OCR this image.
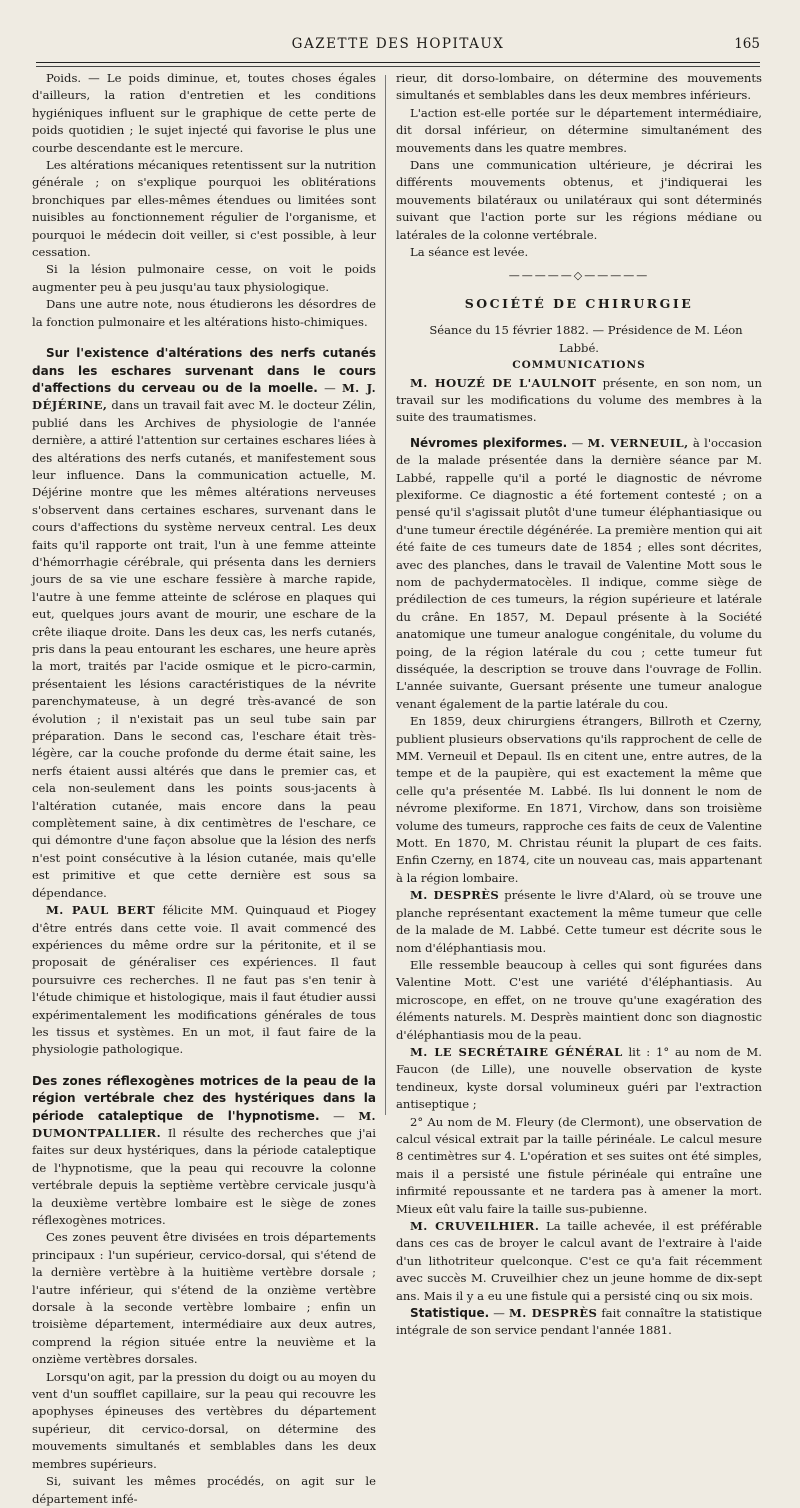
GAZETTE DES HOPITAUX	165

Poids. — Le poids diminue, et, toutes choses égales d'ailleurs, la ration d'entretien et les conditions hygiéniques influent sur le graphique de cette perte de poids quotidien ; le sujet injecté qui favorise le plus une courbe descendante est le mercure.

Les altérations mécaniques retentissent sur la nutrition générale ; on s'explique pourquoi les oblitérations bronchiques par elles-mêmes étendues ou limitées sont nuisibles au fonctionnement régulier de l'organisme, et pourquoi le médecin doit veiller, si c'est possible, à leur cessation.

Si la lésion pulmonaire cesse, on voit le poids augmenter peu à peu jusqu'au taux physiologique.

Dans une autre note, nous étudierons les désordres de la fonction pulmonaire et les altérations histo-chimiques.

Sur l'existence d'altérations des nerfs cutanés dans les eschares survenant dans le cours d'affections du cerveau ou de la moelle. — M. J. DÉJÉRINE, dans un travail fait avec M. le docteur Zélin, publié dans les Archives de physiologie de l'année dernière, a attiré l'attention sur certaines eschares liées à des altérations des nerfs cutanés, et manifestement sous leur influence. Dans la communication actuelle, M. Déjérine montre que les mêmes altérations nerveuses s'observent dans certaines eschares, survenant dans le cours d'affections du système nerveux central. Les deux faits qu'il rapporte ont trait, l'un à une femme atteinte d'hémorrhagie cérébrale, qui présenta dans les derniers jours de sa vie une eschare fessière à marche rapide, l'autre à une femme atteinte de sclérose en plaques qui eut, quelques jours avant de mourir, une eschare de la crête iliaque droite. Dans les deux cas, les nerfs cutanés, pris dans la peau entourant les eschares, une heure après la mort, traités par l'acide osmique et le picro-carmin, présentaient les lésions caractéristiques de la névrite parenchymateuse, à un degré très-avancé de son évolution ; il n'existait pas un seul tube sain par préparation. Dans le second cas, l'eschare était très-légère, car la couche profonde du derme était saine, les nerfs étaient aussi altérés que dans le premier cas, et cela non-seulement dans les points sous-jacents à l'altération cutanée, mais encore dans la peau complètement saine, à dix centimètres de l'eschare, ce qui démontre d'une façon absolue que la lésion des nerfs n'est point consécutive à la lésion cutanée, mais qu'elle est primitive et que cette dernière est sous sa dépendance.

M. PAUL BERT félicite MM. Quinquaud et Piogey d'être entrés dans cette voie. Il avait commencé des expériences du même ordre sur la péritonite, et il se proposait de généraliser ces expériences. Il faut poursuivre ces recherches. Il ne faut pas s'en tenir à l'étude chimique et histologique, mais il faut étudier aussi expérimentalement les modifications générales de tous les tissus et systèmes. En un mot, il faut faire de la physiologie pathologique.

Des zones réflexogènes motrices de la peau de la région vertébrale chez des hystériques dans la période cataleptique de l'hypnotisme. — M. DUMONTPALLIER. Il résulte des recherches que j'ai faites sur deux hystériques, dans la période cataleptique de l'hypnotisme, que la peau qui recouvre la colonne vertébrale depuis la septième vertèbre cervicale jusqu'à la deuxième vertèbre lombaire est le siège de zones réflexogènes motrices.

Ces zones peuvent être divisées en trois départements principaux : l'un supérieur, cervico-dorsal, qui s'étend de la dernière vertèbre à la huitième vertèbre dorsale ; l'autre inférieur, qui s'étend de la onzième vertèbre dorsale à la seconde vertèbre lombaire ; enfin un troisième département, intermédiaire aux deux autres, comprend la région située entre la neuvième et la onzième vertèbres dorsales.

Lorsqu'on agit, par la pression du doigt ou au moyen du vent d'un soufflet capillaire, sur la peau qui recouvre les apophyses épineuses des vertèbres du département supérieur, dit cervico-dorsal, on détermine des mouvements simultanés et semblables dans les deux membres supérieurs.

Si, suivant les mêmes procédés, on agit sur le département infé-

rieur, dit dorso-lombaire, on détermine des mouvements simultanés et semblables dans les deux membres inférieurs.

L'action est-elle portée sur le département intermédiaire, dit dorsal inférieur, on détermine simultanément des mouvements dans les quatre membres.

Dans une communication ultérieure, je décrirai les différents mouvements obtenus, et j'indiquerai les mouvements bilatéraux ou unilatéraux qui sont déterminés suivant que l'action porte sur les régions médiane ou latérales de la colonne vertébrale.

La séance est levée.

—————◇—————
SOCIÉTÉ DE CHIRURGIE

Séance du 15 février 1882. — Présidence de M. Léon Labbé.

COMMUNICATIONS

M. HOUZÉ DE L'AULNOIT présente, en son nom, un travail sur les modifications du volume des membres à la suite des traumatismes.

Névromes plexiformes. — M. VERNEUIL, à l'occasion de la malade présentée dans la dernière séance par M. Labbé, rappelle qu'il a porté le diagnostic de névrome plexiforme. Ce diagnostic a été fortement contesté ; on a pensé qu'il s'agissait plutôt d'une tumeur éléphantiasique ou d'une tumeur érectile dégénérée. La première mention qui ait été faite de ces tumeurs date de 1854 ; elles sont décrites, avec des planches, dans le travail de Valentine Mott sous le nom de pachydermatocèles. Il indique, comme siège de prédilection de ces tumeurs, la région supérieure et latérale du crâne. En 1857, M. Depaul présente à la Société anatomique une tumeur analogue congénitale, du volume du poing, de la région latérale du cou ; cette tumeur fut disséquée, la description se trouve dans l'ouvrage de Follin. L'année suivante, Guersant présente une tumeur analogue venant également de la partie latérale du cou.

En 1859, deux chirurgiens étrangers, Billroth et Czerny, publient plusieurs observations qu'ils rapprochent de celle de MM. Verneuil et Depaul. Ils en citent une, entre autres, de la tempe et de la paupière, qui est exactement la même que celle qu'a présentée M. Labbé. Ils lui donnent le nom de névrome plexiforme. En 1871, Virchow, dans son troisième volume des tumeurs, rapproche ces faits de ceux de Valentine Mott. En 1870, M. Christau réunit la plupart de ces faits. Enfin Czerny, en 1874, cite un nouveau cas, mais appartenant à la région lombaire.

M. DESPRÈS présente le livre d'Alard, où se trouve une planche représentant exactement la même tumeur que celle de la malade de M. Labbé. Cette tumeur est décrite sous le nom d'éléphantiasis mou.

Elle ressemble beaucoup à celles qui sont figurées dans Valentine Mott. C'est une variété d'éléphantiasis. Au microscope, en effet, on ne trouve qu'une exagération des éléments naturels. M. Desprès maintient donc son diagnostic d'éléphantiasis mou de la peau.

M. LE SECRÉTAIRE GÉNÉRAL lit : 1° au nom de M. Faucon (de Lille), une nouvelle observation de kyste tendineux, kyste dorsal volumineux guéri par l'extraction antiseptique ;

2° Au nom de M. Fleury (de Clermont), une observation de calcul vésical extrait par la taille périnéale. Le calcul mesure 8 centimètres sur 4. L'opération et ses suites ont été simples, mais il a persisté une fistule périnéale qui entraîne une infirmité repoussante et ne tardera pas à amener la mort. Mieux eût valu faire la taille sus-pubienne.

M. CRUVEILHIER. La taille achevée, il est préférable dans ces cas de broyer le calcul avant de l'extraire à l'aide d'un lithotriteur quelconque. C'est ce qu'a fait récemment avec succès M. Cruveilhier chez un jeune homme de dix-sept ans. Mais il y a eu une fistule qui a persisté cinq ou six mois.

Statistique. — M. DESPRÈS fait connaître la statistique intégrale de son service pendant l'année 1881.
